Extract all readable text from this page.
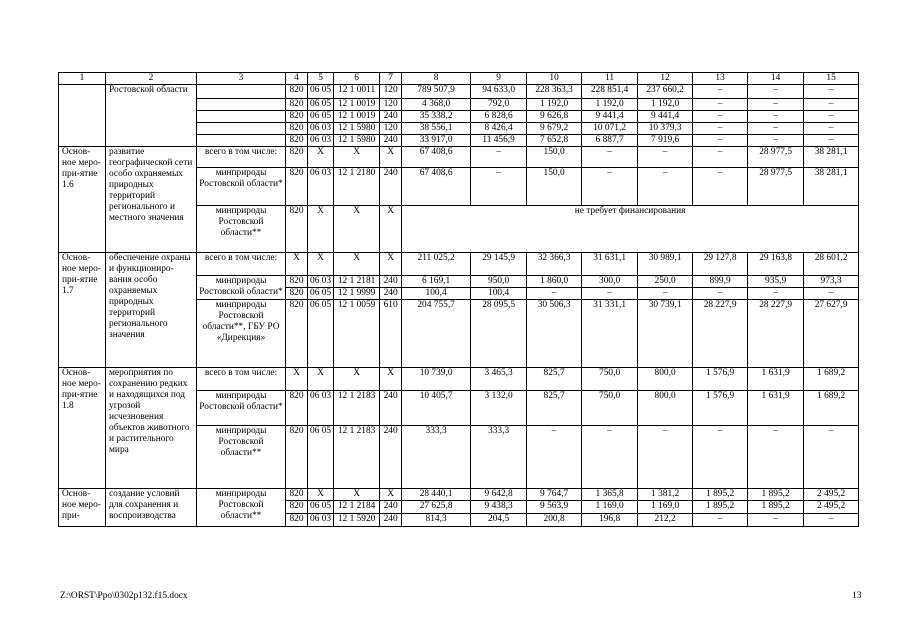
1	2	3	4	5	6	7	8	9	10	11	12	13	14	15
	Ростовской области		820	06 05	12 1 0011	120	789 507,9	94 633,0	228 363,3	228 851,4	237 660,2	–	–	–
			820	06 05	12 1 0019	120	4 368,0	792,0	1 192,0	1 192,0	1 192,0	–	–	–
			820	06 05	12 1 0019	240	35 338,2	6 828,6	9 626,8	9 441,4	9 441,4	–	–	–
			820	06 03	12 1 5980	120	38 556,1	8 426,4	9 679,2	10 071,2	10 379,3	–	–	–
			820	06 03	12 1 5980	240	33 917,0	11 456,9	7 652,8	6 887,7	7 919,6	–	–	–
Основ-ное меро-при-ятие 1.6	развитие географической сети особо охраняемых природных территорий регионального и местного значения	всего в том числе:	820	Х	Х	Х	67 408,6	–	150,0	–	–	–	28 977,5	38 281,1
		минприроды Ростовской области*	820	06 03	12 1 2180	240	67 408,6	–	150,0	–	–	–	28 977,5	38 281,1
		минприроды Ростовской области**	820	Х	Х	Х	не требует финансирования							
Основ-ное меро-при-ятие 1.7	обеспечение охраны и функциониро-вания особо охраняемых природных территорий регионального значения	всего в том числе:	Х	Х	Х	Х	211 025,2	29 145,9	32 366,3	31 631,1	30 989,1	29 127,8	29 163,8	28 601,2
		минприроды Ростовской области*	820	06 03	12 1 2181	240	6 169,1	950,0	1 860,0	300,0	250,0	899,9	935,9	973,3
			820	06 05	12 1 9999	240	100,4	100,4	–	–	–	–	–	–
		минприроды Ростовской области**, ГБУ РО «Дирекция»	820	06 05	12 1 0059	610	204 755,7	28 095,5	30 506,3	31 331,1	30 739,1	28 227,9	28 227,9	27 627,9
Основ-ное меро-при-ятие 1.8	мероприятия по сохранению редких и находящихся под угрозой исчезновения объектов животного и растительного мира	всего в том числе:	Х	Х	Х	Х	10 739,0	3 465,3	825,7	750,0	800,0	1 576,9	1 631,9	1 689,2
		минприроды Ростовской области*	820	06 03	12 1 2183	240	10 405,7	3 132,0	825,7	750,0	800,0	1 576,9	1 631,9	1 689,2
		минприроды Ростовской области**	820	06 05	12 1 2183	240	333,3	333,3	–	–	–	–	–	–
Основ-ное меро-при-	создание условий для сохранения и воспроизводства	минприроды Ростовской области**	820	Х	Х	Х	28 440,1	9 642,8	9 764,7	1 365,8	1 381,2	1 895,2	1 895,2	2 495,2
			820	06 05	12 1 2184	240	27 625,8	9 438,3	9 563,9	1 169,0	1 169,0	1 895,2	1 895,2	2 495,2
			820	06 03	12 1 5920	240	814,3	204,5	200,8	196,8	212,2	–	–	–
Z:\ORST\Ppo\0302p132.f15.docx	13
